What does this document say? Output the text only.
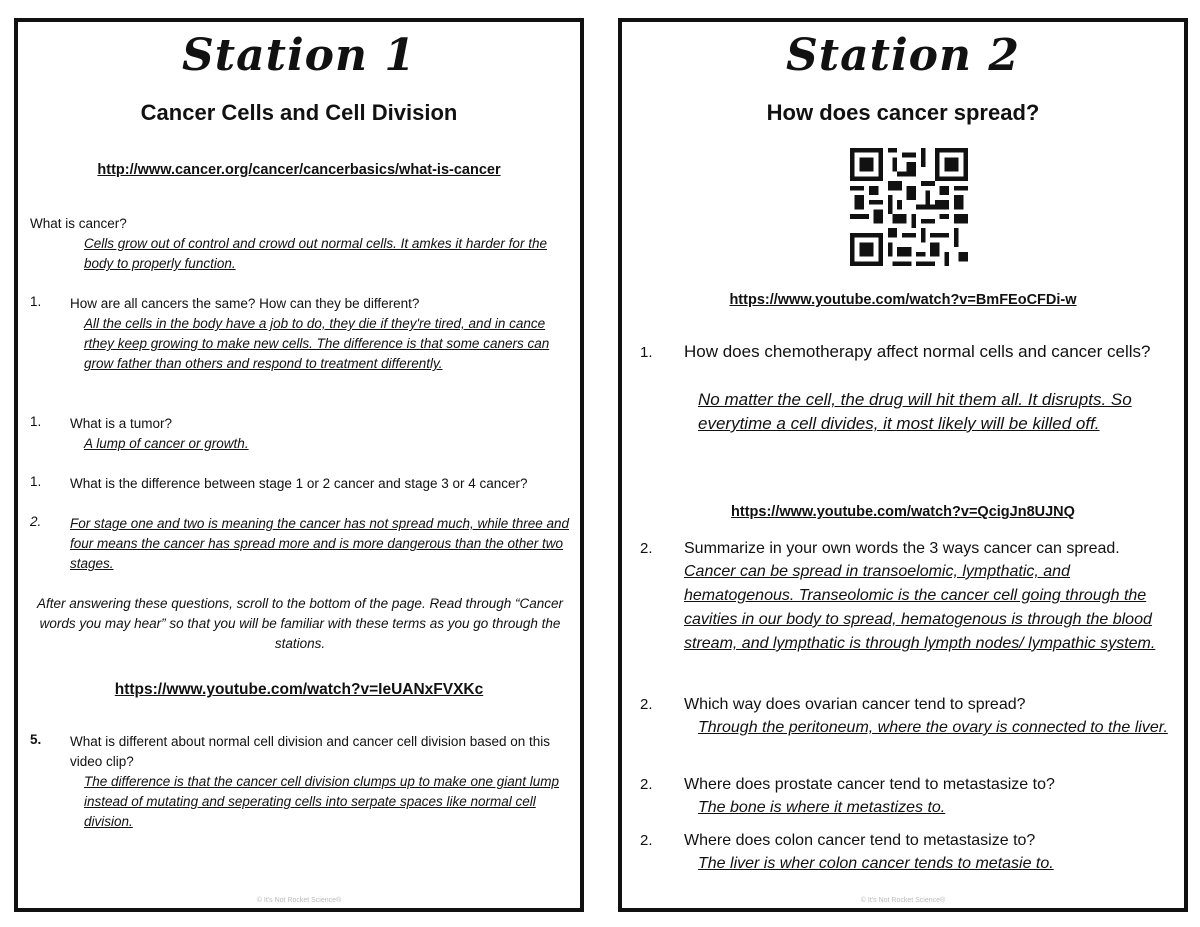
Station 1
Cancer Cells and Cell Division
http://www.cancer.org/cancer/cancerbasics/what-is-cancer
What is cancer?
Cells grow out of control and crowd out normal cells. It amkes it harder for the body to properly function.
1. How are all cancers the same? How can they be different?
All the cells in the body have a job to do, they die if they're tired, and in cance rthey keep growing to make new cells. The difference is that some caners can grow father than others and respond to treatment differently.
1. What is a tumor?
A lump of cancer or growth.
1. What is the difference between stage 1 or 2 cancer and stage 3 or 4 cancer?
2. For stage one and two is meaning the cancer has not spread much, while three and four means the cancer has spread more and is more dangerous than the other two stages.
After answering these questions, scroll to the bottom of the page. Read through “Cancer words you may hear” so that you will be familiar with these terms as you go through the stations.
https://www.youtube.com/watch?v=IeUANxFVXKc
5. What is different about normal cell division and cancer cell division based on this video clip?
The difference is that the cancer cell division clumps up to make one giant lump instead of mutating and seperating cells into serpate spaces like normal cell division.
© It's Not Rocket Science®
Station 2
How does cancer spread?
https://www.youtube.com/watch?v=BmFEoCFDi-w
1. How does chemotherapy affect normal cells and cancer cells?
No matter the cell, the drug will hit them all. It disrupts. So everytime a cell divides, it most likely will be killed off.
https://www.youtube.com/watch?v=QcigJn8UJNQ
2. Summarize in your own words the 3 ways cancer can spread.
Cancer can be spread in transoelomic, lympthatic, and hematogenous. Transeolomic is the cancer cell going through the cavities in our body to spread, hematogenous is through the blood stream, and lympthatic is through lympth nodes/ lympathic system.
2. Which way does ovarian cancer tend to spread?
Through the peritoneum, where the ovary is connected to the liver.
2. Where does prostate cancer tend to metastasize to?
The bone is where it metastizes to.
2. Where does colon cancer tend to metastasize to?
The liver is wher colon cancer tends to metasie to.
© It's Not Rocket Science®
